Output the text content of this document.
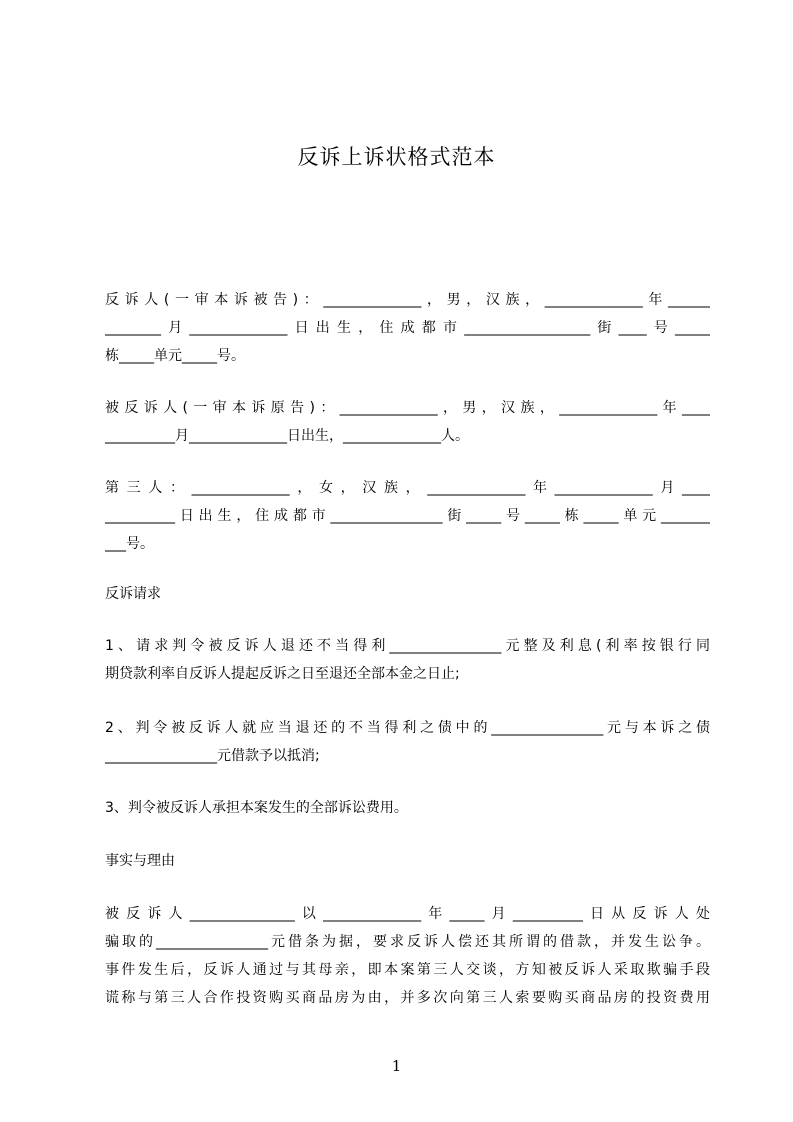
反诉上诉状格式范本
反诉人(一审本诉被告)：______________，男，汉族，______________年______
________月______________日出生，住成都市__________________街____号_____
栋_____单元_____号。
被反诉人(一审本诉原告)：______________，男，汉族，______________年____
__________月______________日出生，______________人。
第三人：______________，女，汉族，______________年______________月____
__________日出生，住成都市________________街_____号_____栋_____单元_______
___号。
反诉请求
1、请求判令被反诉人退还不当得利________________元整及利息(利率按银行同
期贷款利率自反诉人提起反诉之日至退还全部本金之日止;
2、判令被反诉人就应当退还的不当得利之债中的________________元与本诉之债
________________元借款予以抵消;
3、判令被反诉人承担本案发生的全部诉讼费用。
事实与理由
被反诉人_______________以______________年_____月__________日从反诉人处
骗取的________________元借条为据，要求反诉人偿还其所谓的借款，并发生讼争。
事件发生后，反诉人通过与其母亲，即本案第三人交谈，方知被反诉人采取欺骗手段
谎称与第三人合作投资购买商品房为由，并多次向第三人索要购买商品房的投资费用
1
